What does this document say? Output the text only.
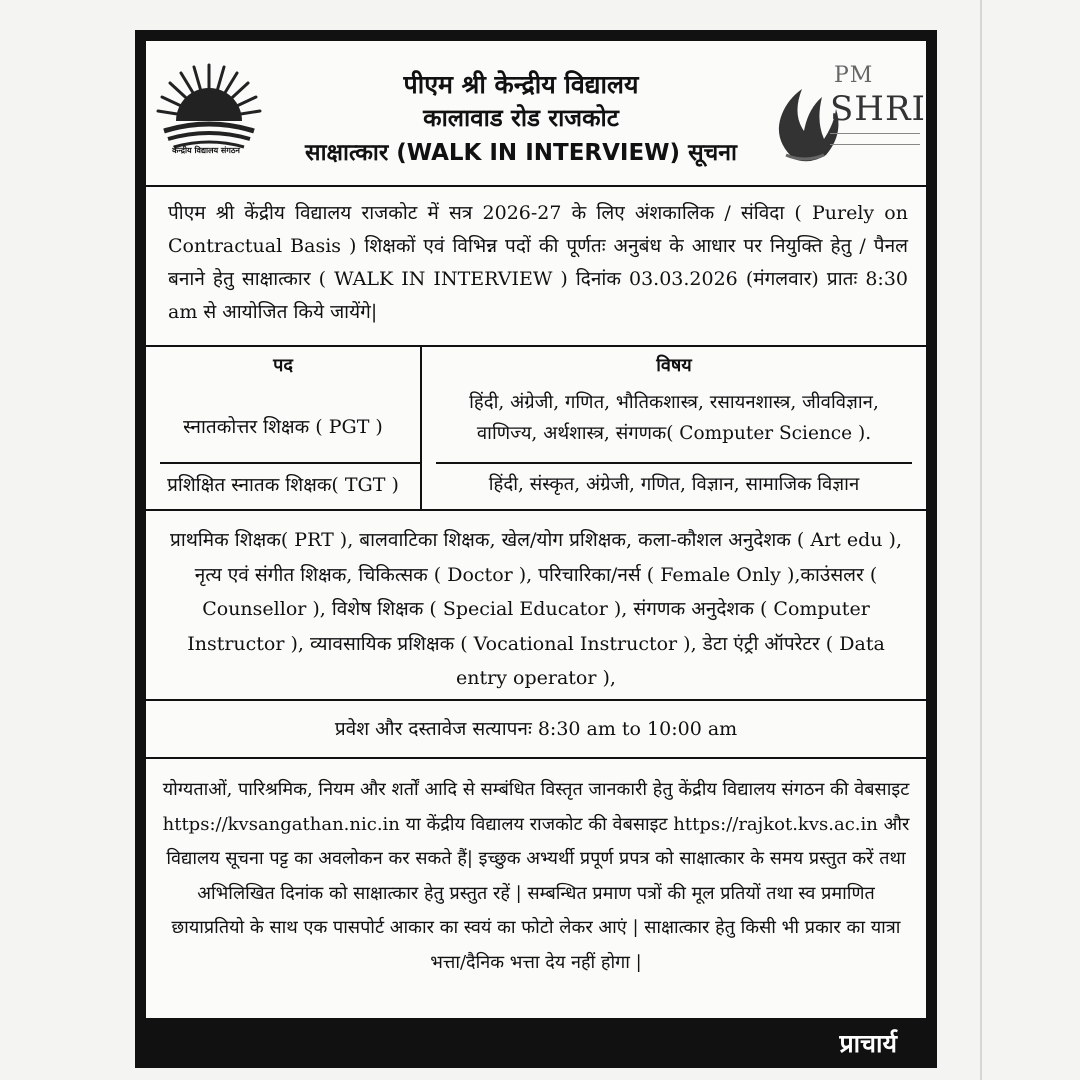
केन्द्रीय विद्यालय संगठन
पीएम श्री केन्द्रीय विद्यालय
कालावाड रोड राजकोट
साक्षात्कार (WALK IN INTERVIEW) सूचना
PM
SHRI

पीएम श्री केंद्रीय विद्यालय राजकोट में सत्र 2026-27 के लिए अंशकालिक / संविदा ( Purely on Contractual Basis ) शिक्षकों एवं विभिन्न पदों की पूर्णतः अनुबंध के आधार पर नियुक्ति हेतु / पैनल बनाने हेतु साक्षात्कार ( WALK IN INTERVIEW ) दिनांक 03.03.2026 (मंगलवार) प्रातः 8:30 am से आयोजित किये जायेंगे|

पद
स्नातकोत्तर शिक्षक ( PGT )
प्रशिक्षित स्नातक शिक्षक( TGT )
विषय
हिंदी, अंग्रेजी, गणित, भौतिकशास्त्र, रसायनशास्त्र, जीवविज्ञान, वाणिज्य, अर्थशास्त्र, संगणक( Computer Science ).
हिंदी, संस्कृत, अंग्रेजी, गणित, विज्ञान, सामाजिक विज्ञान

प्राथमिक शिक्षक( PRT ), बालवाटिका शिक्षक, खेल/योग प्रशिक्षक, कला-कौशल अनुदेशक ( Art edu ), नृत्य एवं संगीत शिक्षक, चिकित्सक ( Doctor ), परिचारिका/नर्स ( Female Only ),काउंसलर ( Counsellor ), विशेष शिक्षक ( Special Educator ), संगणक अनुदेशक ( Computer Instructor ), व्यावसायिक प्रशिक्षक ( Vocational Instructor ), डेटा एंट्री ऑपरेटर ( Data entry operator ),

प्रवेश और दस्तावेज सत्यापनः 8:30 am to 10:00 am

योग्यताओं, पारिश्रमिक, नियम और शर्तों आदि से सम्बंधित विस्तृत जानकारी हेतु केंद्रीय विद्यालय संगठन की वेबसाइट https://kvsangathan.nic.in या केंद्रीय विद्यालय राजकोट की वेबसाइट https://rajkot.kvs.ac.in और विद्यालय सूचना पट्ट का अवलोकन कर सकते हैं| इच्छुक अभ्यर्थी प्रपूर्ण प्रपत्र को साक्षात्कार के समय प्रस्तुत करें तथा अभिलिखित दिनांक को साक्षात्कार हेतु प्रस्तुत रहें | सम्बन्धित प्रमाण पत्रों की मूल प्रतियों तथा स्व प्रमाणित छायाप्रतियो के साथ एक पासपोर्ट आकार का स्वयं का फोटो लेकर आएं | साक्षात्कार हेतु किसी भी प्रकार का यात्रा भत्ता/दैनिक भत्ता देय नहीं होगा |

प्राचार्य
